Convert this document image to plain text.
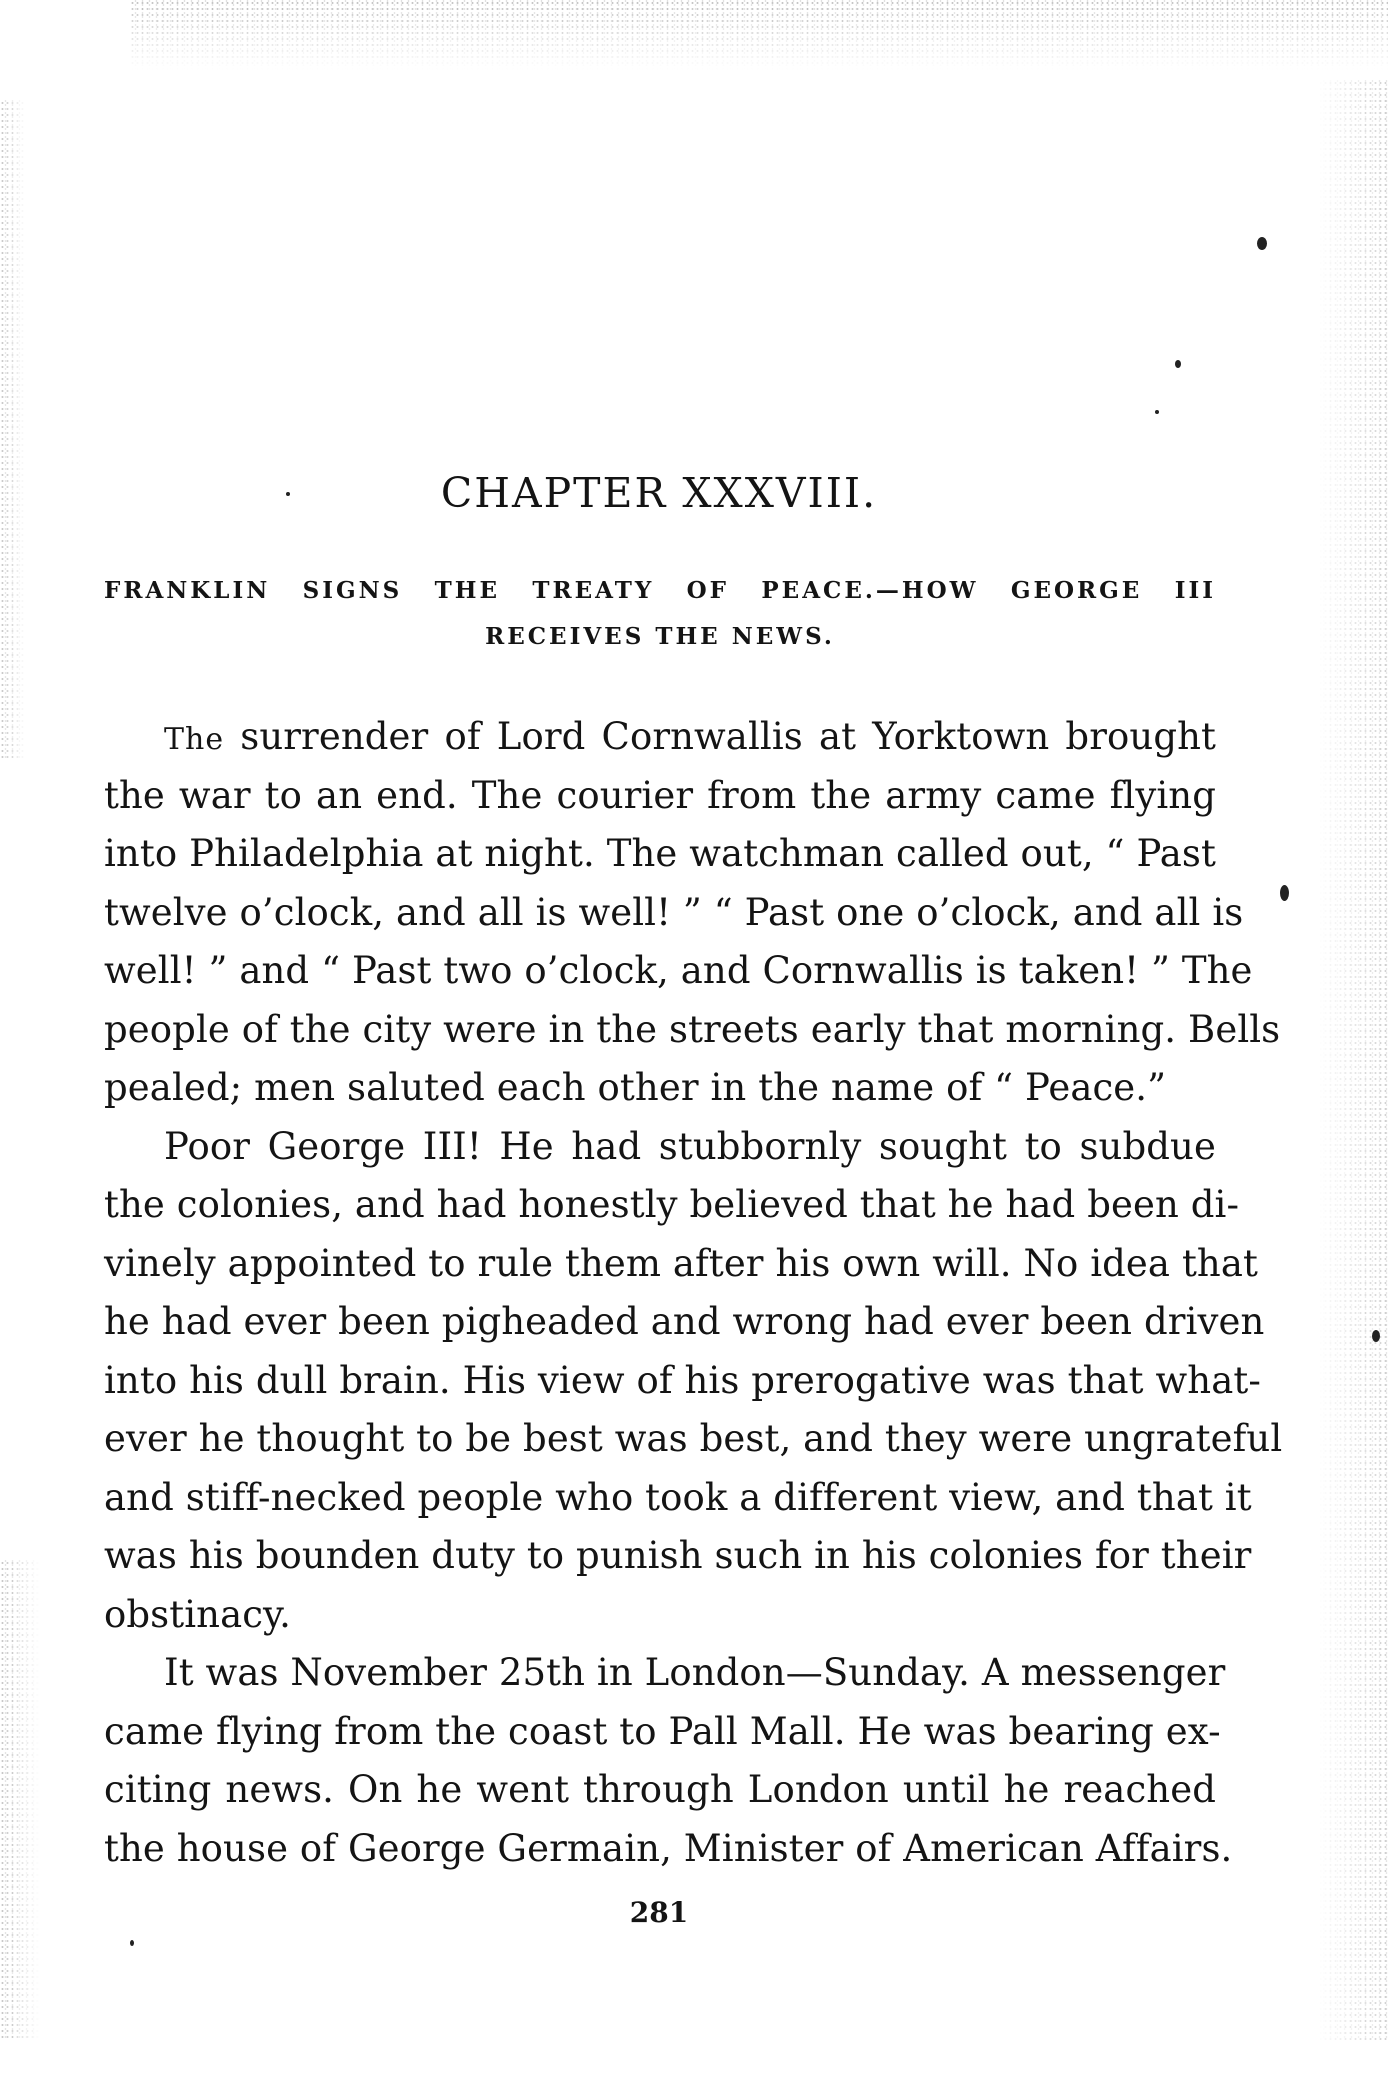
CHAPTER XXXVIII.
FRANKLIN SIGNS THE TREATY OF PEACE.—HOW GEORGE III
RECEIVES THE NEWS.
The surrender of Lord Cornwallis at Yorktown brought
the war to an end. The courier from the army came flying
into Philadelphia at night. The watchman called out, “ Past
twelve o’clock, and all is well! ” “ Past one o’clock, and all is
well! ” and “ Past two o’clock, and Cornwallis is taken! ” The
people of the city were in the streets early that morning. Bells
pealed; men saluted each other in the name of “ Peace.”
Poor George III! He had stubbornly sought to subdue
the colonies, and had honestly believed that he had been di-
vinely appointed to rule them after his own will. No idea that
he had ever been pigheaded and wrong had ever been driven
into his dull brain. His view of his prerogative was that what-
ever he thought to be best was best, and they were ungrateful
and stiff-necked people who took a different view, and that it
was his bounden duty to punish such in his colonies for their
obstinacy.
It was November 25th in London—Sunday. A messenger
came flying from the coast to Pall Mall. He was bearing ex-
citing news. On he went through London until he reached
the house of George Germain, Minister of American Affairs.
281
